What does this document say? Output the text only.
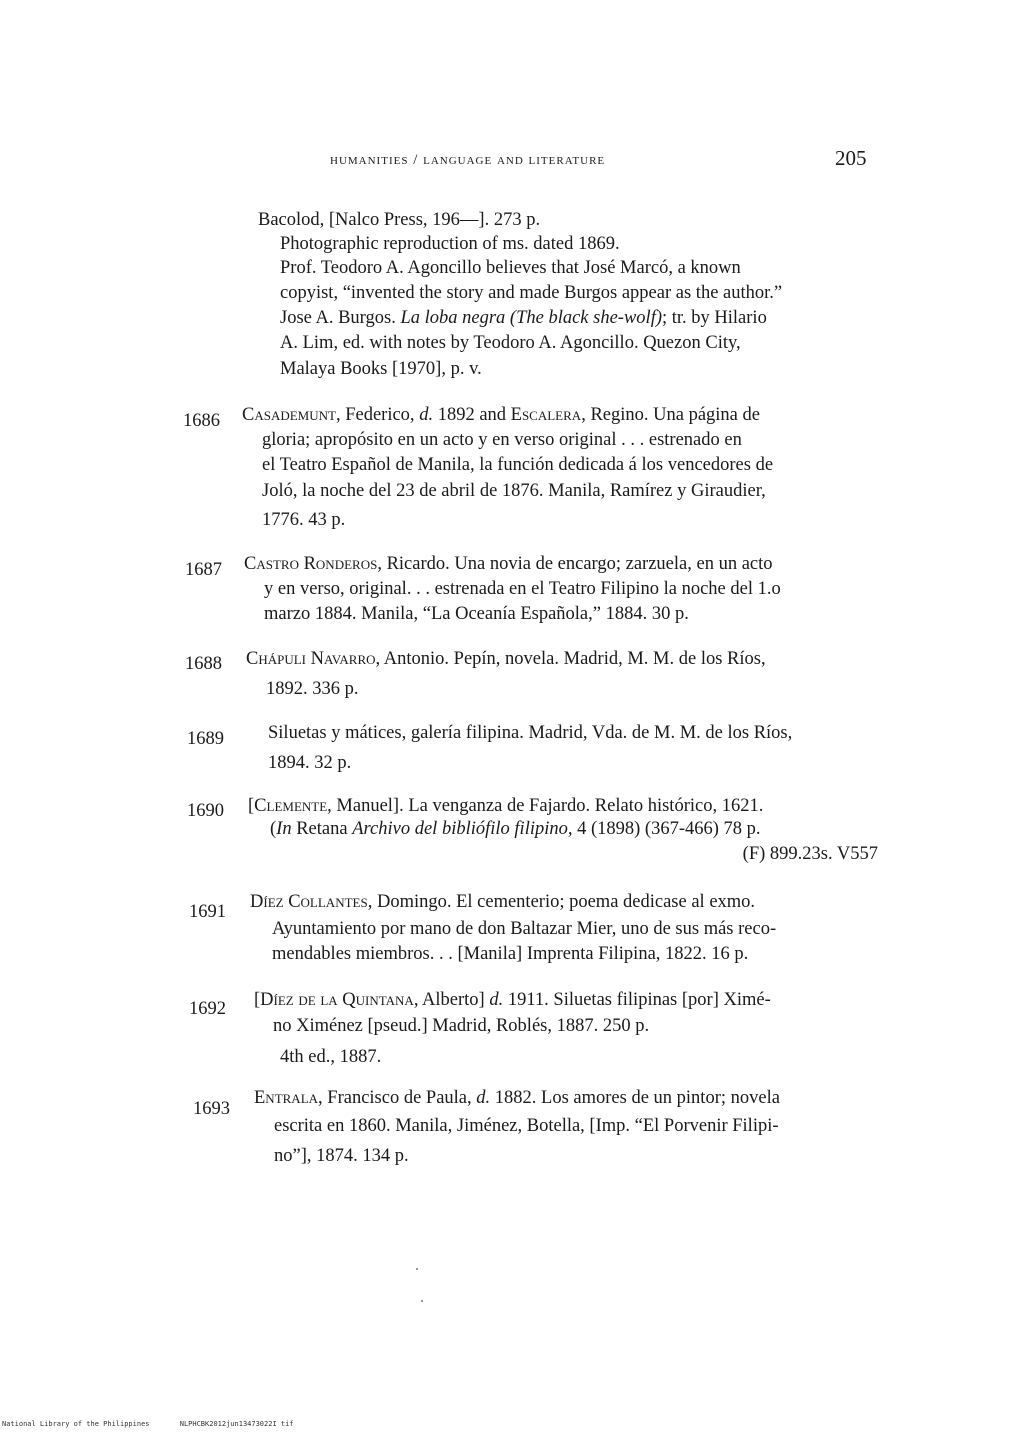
humanities / language and literature	205
Bacolod, [Nalco Press, 196—]. 273 p.
Photographic reproduction of ms. dated 1869.
Prof. Teodoro A. Agoncillo believes that José Marcó, a known
copyist, “invented the story and made Burgos appear as the author.”
Jose A. Burgos. La loba negra (The black she-wolf); tr. by Hilario
A. Lim, ed. with notes by Teodoro A. Agoncillo. Quezon City,
Malaya Books [1970], p. v.
1686 Casademunt, Federico, d. 1892 and Escalera, Regino. Una página de
gloria; apropósito en un acto y en verso original . . . estrenado en
el Teatro Español de Manila, la función dedicada á los vencedores de
Joló, la noche del 23 de abril de 1876. Manila, Ramírez y Giraudier,
1776. 43 p.
1687 Castro Ronderos, Ricardo. Una novia de encargo; zarzuela, en un acto
y en verso, original. . . estrenada en el Teatro Filipino la noche del 1.o
marzo 1884. Manila, “La Oceanía Española,” 1884. 30 p.
1688 Chápuli Navarro, Antonio. Pepín, novela. Madrid, M. M. de los Ríos,
1892. 336 p.
1689 Siluetas y mátices, galería filipina. Madrid, Vda. de M. M. de los Ríos,
1894. 32 p.
1690 [Clemente, Manuel]. La venganza de Fajardo. Relato histórico, 1621.
(In Retana Archivo del bibliófilo filipino, 4 (1898) (367-466) 78 p.
(F) 899.23s. V557
1691 Díez Collantes, Domingo. El cementerio; poema dedicase al exmo.
Ayuntamiento por mano de don Baltazar Mier, uno de sus más reco-
mendables miembros. . . [Manila] Imprenta Filipina, 1822. 16 p.
1692 [Díez de la Quintana, Alberto] d. 1911. Siluetas filipinas [por] Ximé-
no Ximénez [pseud.] Madrid, Roblés, 1887. 250 p.
4th ed., 1887.
1693
Entrala, Francisco de Paula, d. 1882. Los amores de un pintor; novela
escrita en 1860. Manila, Jiménez, Botella, [Imp. “El Porvenir Filipi-
no”], 1874. 134 p.
National Library of the Philippines	NLPHCBK2012jun13473022I tif
